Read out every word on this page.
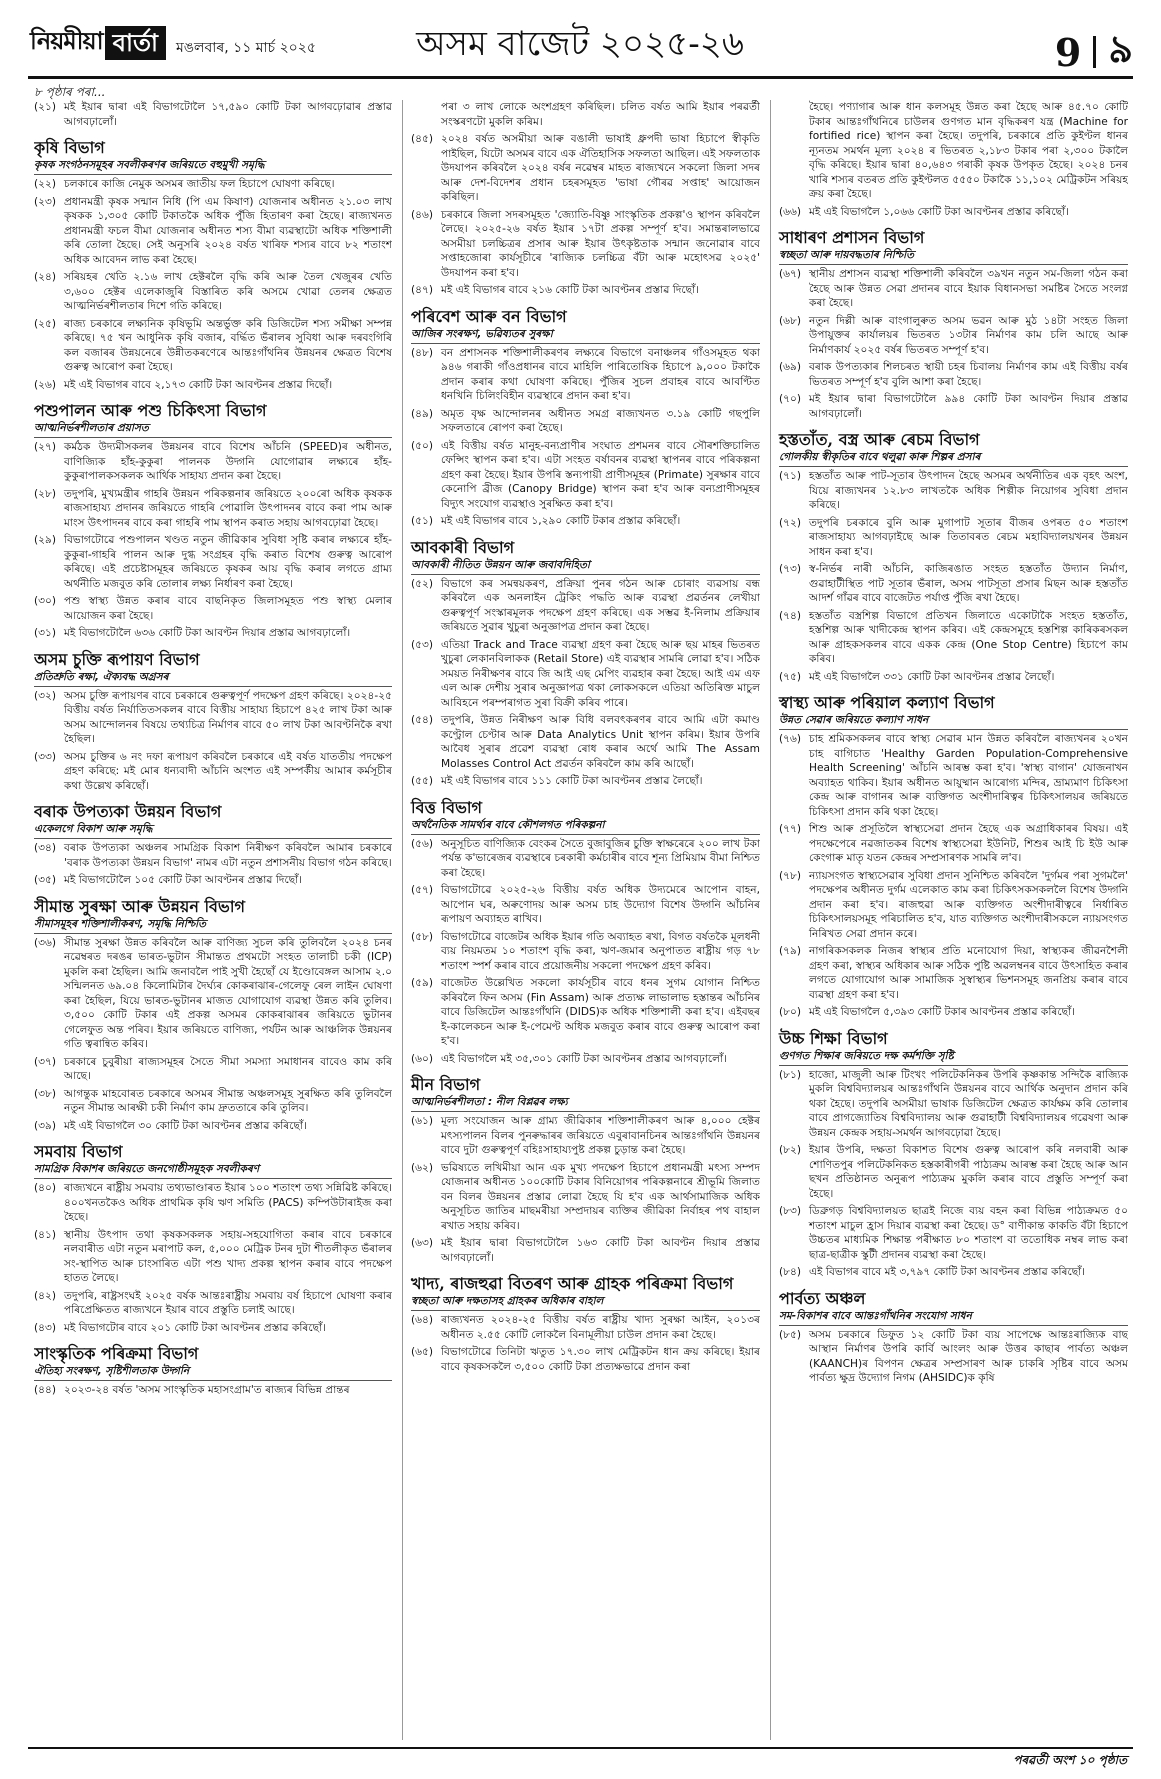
নিয়মীয়া বাৰ্তা	মঙলবাৰ, ১১ মাৰ্চ ২০২৫	অসম বাজেট ২০২৫-২৬	9 ৯
৮ পৃষ্ঠাৰ পৰা...
(২১) মই ইয়াৰ দ্বাৰা এই বিভাগটোলৈ ১৭,৫৯০ কোটি টকা আগবঢ়োৱাৰ প্ৰস্তাৱ আগবঢ়ালোঁ।
কৃষি বিভাগ
কৃষক সংগঠনসমূহৰ সবলীকৰণৰ জৰিয়তে বহুমুখী সমৃদ্ধি
(২২) চলকাৰে কাজি নেমুক অসমৰ জাতীয় ফল হিচাপে ঘোষণা কৰিছে।
(২৩) প্ৰধানমন্ত্ৰী কৃষক সন্মান নিধি (পি এম কিষাণ) যোজনাৰ অধীনত ২১.০৩ লাখ কৃষকক ১,৩০৫ কোটি টকাতকৈ অধিক পুঁজি হিতাৰণ কৰা হৈছে। ৰাজ্যখনত প্ৰধানমন্ত্ৰী ফচল বীমা যোজনাৰ অধীনত শস্য বীমা ব্যৱস্থাটো অধিক শক্তিশালী কৰি তোলা হৈছে। সেই অনুসৰি ২০২৪ বৰ্ষত খাৰিফ শস্যৰ বাবে ৮২ শতাংশ অধিক আবেদন লাভ কৰা হৈছে।
(২৪) সৰিয়হৰ খেতি ২.১৬ লাখ হেক্টৰলৈ বৃদ্ধি কৰি আৰু তৈল খেজুৰৰ খেতি ৩,৬০০ হেক্টৰ এলেকাজুৰি বিস্তাৰিত কৰি অসমে খোৱা তেলৰ ক্ষেত্ৰত আত্মনিৰ্ভৰশীলতাৰ দিশে গতি কৰিছে।
(২৫) ৰাজ্য চৰকাৰে লক্ষ্যনিক কৃষিভূমি অন্তৰ্ভুক্ত কৰি ডিজিটেল শস্য সমীক্ষা সম্পন্ন কৰিছে। ৭৫ খন আধুনিক কৃষি বজাৰ, বৰ্দ্ধিত ভঁৰালৰ সুবিধা আৰু দৰবংগিৰি কল বজাৰৰ উন্নয়নেৰে উন্নীতকৰণেৰে আন্তঃগাঁথনিৰ উন্নয়নৰ ক্ষেত্ৰত বিশেষ গুৰুত্ব আৰোপ কৰা হৈছে।
(২৬) মই এই বিভাগৰ বাবে ২,১৭৩ কোটি টকা আবণ্টনৰ প্ৰস্তাৱ দিছোঁ।
পশুপালন আৰু পশু চিকিৎসা বিভাগ
আত্মনিৰ্ভৰশীলতাৰ প্ৰয়াসত
(২৭) কৰ্মঠক উদ্যমীসকলৰ উন্নয়নৰ বাবে বিশেষ আঁচনি (SPEED)ৰ অধীনত, বাণিজ্যিক হাঁহ-কুকুৰা পালনক উদ্গনি যোগোৱাৰ লক্ষ্যৰে হাঁহ-কুকুৰাপালকসকলক আৰ্থিক সাহায্য প্ৰদান কৰা হৈছে।
(২৮) তদুপৰি, মুখ্যমন্ত্ৰীৰ গাহৰি উন্নয়ন পৰিকল্পনাৰ জৰিয়তে ২০০ৰো অধিক কৃষকক ৰাজসাহায্য প্ৰদানৰ জৰিয়তে গাহৰি পোৱালি উৎপাদনৰ বাবে কৰা পাম আৰু মাংস উৎপাদনৰ বাবে কৰা গাহৰি পাম স্থাপন কৰাত সহায় আগবঢ়োৱা হৈছে।
(২৯) বিভাগটোৱে পশুপালন খণ্ডত নতুন জীৱিকাৰ সুবিধা সৃষ্টি কৰাৰ লক্ষ্যৰে হাঁহ-কুকুৰা-গাহৰি পালন আৰু দুগ্ধ সংগ্ৰহৰ বৃদ্ধি কৰাত বিশেষ গুৰুত্ব আৰোপ কৰিছে। এই প্ৰচেষ্টাসমূহৰ জৰিয়তে কৃষকৰ আয় বৃদ্ধি কৰাৰ লগতে গ্ৰাম্য অৰ্থনীতি মজবুত কৰি তোলাৰ লক্ষ্য নিৰ্ধাৰণ কৰা হৈছে।
(৩০) পশু স্বাস্থ্য উন্নত কৰাৰ বাবে বাছনিকৃত জিলাসমূহত পশু স্বাস্থ্য মেলাৰ আয়োজন কৰা হৈছে।
(৩১) মই বিভাগটোলৈ ৬৩৬ কোটি টকা আবণ্টন দিয়াৰ প্ৰস্তাৱ আগবঢ়ালোঁ।
অসম চুক্তি ৰূপায়ণ বিভাগ
প্ৰতিশ্ৰুতি ৰক্ষা, ঐক্যবদ্ধ অগ্ৰসৰ
(৩২) অসম চুক্তি ৰূপায়ণৰ বাবে চৰকাৰে গুৰুত্বপূৰ্ণ পদক্ষেপ গ্ৰহণ কৰিছে। ২০২৪-২৫ বিত্তীয় বৰ্ষত নিৰ্যাতিতসকলৰ বাবে বিত্তীয় সাহায্য হিচাপে ৪২৫ লাখ টকা আৰু অসম আন্দোলনৰ বিষয়ে তথ্যচিত্ৰ নিৰ্মাণৰ বাবে ৫০ লাখ টকা আবণ্টনিকৈ ৰখা হৈছিল।
(৩৩) অসম চুক্তিৰ ৬ নং দফা ৰূপায়ণ কৰিবলৈ চৰকাৰে এই বৰ্ষত যাততীয় পদক্ষেপ গ্ৰহণ কৰিছে: মই মোৰ ধন্যবাদী আঁচনি অংশত এই সম্পৰ্কীয় আমাৰ কৰ্মসূচীৰ কথা উল্লেখ কৰিছোঁ।
বৰাক উপত্যকা উন্নয়ন বিভাগ
একেলগে বিকাশ আৰু সমৃদ্ধি
(৩৪) বৰাক উপত্যকা অঞ্চলৰ সামগ্ৰিক বিকাশ নিৰীক্ষণ কৰিবলৈ আমাৰ চৰকাৰে 'বৰাক উপত্যকা উন্নয়ন বিভাগ' নামৰ এটা নতুন প্ৰশাসনীয় বিভাগ গঠন কৰিছে।
(৩৫) মই বিভাগটোলৈ ১০৫ কোটি টকা আবণ্টনৰ প্ৰস্তাৱ দিছোঁ।
সীমান্ত সুৰক্ষা আৰু উন্নয়ন বিভাগ
সীমাসমূহৰ শক্তিশালীকৰণ, সমৃদ্ধি নিশ্চিতি
(৩৬) সীমান্ত সুৰক্ষা উন্নত কৰিবলৈ আৰু বাণিজ্য সুচল কৰি তুলিবলৈ ২০২৪ চনৰ নৱেম্বৰত দৰঙৰ ভাৰত-ভুটান সীমান্তত প্ৰথমটো সংহত তালাচী চকী (ICP) মুকলি কৰা হৈছিল। আমি জনাবলৈ পাই সুখী হৈছোঁ যে ইণ্ডোবেঙ্গল আসাম ২.০ সন্মিলনত ৬৯.০৪ কিলোমিটাৰ দৈৰ্ঘ্যৰ কোকৰাঝাৰ-গেলেফু ৰেল লাইন ঘোষণা কৰা হৈছিল, যিয়ে ভাৰত-ভুটানৰ মাজত যোগাযোগ ব্যৱস্থা উন্নত কৰি তুলিব। ৩,৫০০ কোটি টকাৰ এই প্ৰকল্প অসমৰ কোকৰাঝাৰৰ জৰিয়তে ভুটানৰ গেলেফুত অন্ত পৰিব। ইয়াৰ জৰিয়তে বাণিজ্য, পৰ্যটন আৰু আঞ্চলিক উন্নয়নৰ গতি ত্বৰান্বিত কৰিব।
(৩৭) চৰকাৰে চুবুৰীয়া ৰাজ্যসমূহৰ সৈতে সীমা সমস্যা সমাধানৰ বাবেও কাম কৰি আছে।
(৩৮) আগন্তুক মাহবোৰত চৰকাৰে অসমৰ সীমান্ত অঞ্চলসমূহ সুৰক্ষিত কৰি তুলিবলৈ নতুন সীমান্ত আৰক্ষী চকী নিৰ্মাণ কাম দ্ৰুততাৰে কৰি তুলিব।
(৩৯) মই এই বিভাগলৈ ৩০ কোটি টকা আবণ্টনৰ প্ৰস্তাৱ কৰিছোঁ।
সমবায় বিভাগ
সামগ্ৰিক বিকাশৰ জৰিয়তে জনগোষ্ঠীসমূহক সবলীকৰণ
(৪০) ৰাজ্যখনে ৰাষ্ট্ৰীয় সমবায় তথ্যভাণ্ডাৰত ইয়াৰ ১০০ শতাংশ তথ্য সন্নিৱিষ্ট কৰিছে। ৪০০খনতকৈও অধিক প্ৰাথমিক কৃষি ঋণ সমিতি (PACS) কম্পিউটাৰাইজ কৰা হৈছে।
(৪১) স্থানীয় উৎপাদ তথা কৃষকসকলক সহায়-সহযোগিতা কৰাৰ বাবে চৰকাৰে নলবাৰীত এটা নতুন মৰাপাট কল, ৫,০০০ মেট্ৰিক টনৰ দুটা শীতলীকৃত ভঁৰালৰ সং-স্থাপিত আৰু চাংসাৰিত এটা পশু খাদ্য প্ৰকল্প স্থাপন কৰাৰ বাবে পদক্ষেপ হাতত লৈছে।
(৪২) তদুপৰি, ৰাষ্ট্ৰসংঘই ২০২৫ বৰ্ষক আন্তঃৰাষ্ট্ৰীয় সমবায় বৰ্ষ হিচাপে ঘোষণা কৰাৰ পৰিপ্ৰেক্ষিতত ৰাজ্যখনে ইয়াৰ বাবে প্ৰস্তুতি চলাই আছে।
(৪৩) মই বিভাগটোৰ বাবে ২০১ কোটি টকা আবণ্টনৰ প্ৰস্তাৱ কৰিছোঁ।
সাংস্কৃতিক পৰিক্ৰমা বিভাগ
ঐতিহ্য সংৰক্ষণ, সৃষ্টিশীলতাক উদ্গনি
(৪৪) ২০২৩-২৪ বৰ্ষত 'অসম সাংস্কৃতিক মহাসংগ্ৰাম'ত ৰাজ্যৰ বিভিন্ন প্ৰান্তৰ
পৰা ৩ লাখ লোকে অংশগ্ৰহণ কৰিছিল। চলিত বৰ্ষত আমি ইয়াৰ পৰৱৰ্তী সংস্কৰণটো মুকলি কৰিম।
(৪৫) ২০২৪ বৰ্ষত অসমীয়া আৰু বঙালী ভাষাই ধ্ৰুপদী ভাষা হিচাপে স্বীকৃতি পাইছিল, যিটো অসমৰ বাবে এক ঐতিহাসিক সফলতা আছিল। এই সফলতাক উদযাপন কৰিবলৈ ২০২৪ বৰ্ষৰ নৱেম্বৰ মাহত ৰাজ্যখনে সকলো জিলা সদৰ আৰু দেশ-বিদেশৰ প্ৰধান চহৰসমূহত 'ভাষা গৌৰৱ সপ্তাহ' আয়োজন কৰিছিল।
(৪৬) চৰকাৰে জিলা সদৰসমূহত 'জ্যোতি-বিষ্ণু সাংস্কৃতিক প্ৰকল্প'ও স্থাপন কৰিবলৈ লৈছে। ২০২৫-২৬ বৰ্ষত ইয়াৰ ১৭টা প্ৰকল্প সম্পূৰ্ণ হ'ব। সমান্তৰালভাৱে অসমীয়া চলচ্চিত্ৰৰ প্ৰসাৰ আৰু ইয়াৰ উৎকৃষ্টতাক সন্মান জনোৱাৰ বাবে সপ্তাহজোৰা কাৰ্যসূচীৰে 'ৰাজ্যিক চলচ্চিত্ৰ বঁটা আৰু মহোৎসৱ ২০২৫' উদযাপন কৰা হ'ব।
(৪৭) মই এই বিভাগৰ বাবে ২১৬ কোটি টকা আবণ্টনৰ প্ৰস্তাৱ দিছোঁ।
পৰিবেশ আৰু বন বিভাগ
আজিৰ সংৰক্ষণ, ভৱিষ্যতৰ সুৰক্ষা
(৪৮) বন প্ৰশাসনক শক্তিশালীকৰণৰ লক্ষ্যৰে বিভাগে বনাঞ্চলৰ গাঁওসমূহত থকা ৯৪৬ গৰাকী গাঁওপ্ৰধানৰ বাবে মাহিলি পাৰিতোষিক হিচাপে ৯,০০০ টকাকৈ প্ৰদান কৰাৰ কথা ঘোষণা কৰিছে। পুঁজিৰ সুচল প্ৰবাহৰ বাবে আবণ্টিত ধনখিনি চিলিংবিহীন ব্যৱস্থাৰে প্ৰদান কৰা হ'ব।
(৪৯) অমৃত বৃক্ষ আন্দোলনৰ অধীনত সমগ্ৰ ৰাজ্যখনত ৩.১৯ কোটি গছপুলি সফলতাৰে ৰোপণ কৰা হৈছে।
(৫০) এই বিত্তীয় বৰ্ষত মানুহ-বন্যপ্ৰাণীৰ সংঘাত প্ৰশমনৰ বাবে সৌৰশক্তিচালিত ফেন্সিং স্থাপন কৰা হ'ব। এটা সংহত বৰ্ষাবনৰ ব্যৱস্থা স্থাপনৰ বাবে পৰিকল্পনা গ্ৰহণ কৰা হৈছে। ইয়াৰ উপৰি স্তন্যপায়ী প্ৰাণীসমূহৰ (Primate) সুৰক্ষাৰ বাবে কেনোপি ব্ৰীজ (Canopy Bridge) স্থাপন কৰা হ'ব আৰু বন্যপ্ৰাণীসমূহৰ বিদ্যুৎ সংযোগ ব্যৱস্থাও সুৰক্ষিত কৰা হ'ব।
(৫১) মই এই বিভাগৰ বাবে ১,২৯০ কোটি টকাৰ প্ৰস্তাৱ কৰিছোঁ।
আবকাৰী বিভাগ
আবকাৰী নীতিত উন্নয়ন আৰু জবাবদিহিতা
(৫২) বিভাগে কৰ সমন্বয়কৰণ, প্ৰক্ৰিয়া পুনৰ গঠন আৰু চোৰাং ব্যৱসায় বন্ধ কৰিবলৈ এক অনলাইন ট্ৰেকিং পদ্ধতি আৰু ব্যৱস্থা প্ৰৱৰ্তনৰ লেখীয়া গুৰুত্বপূৰ্ণ সংস্কাৰমূলক পদক্ষেপ গ্ৰহণ কৰিছে। এক সম্ভৱ ই-নিলাম প্ৰক্ৰিয়াৰ জৰিয়তে সুৱাৰ খুচুৰা অনুজ্ঞাপত্ৰ প্ৰদান কৰা হৈছে।
(৫৩) এতিয়া Track and Trace ব্যৱস্থা গ্ৰহণ কৰা হৈছে আৰু ছয় মাহৰ ভিতৰত খুচুৰা লেকানবিলাকক (Retail Store) এই ব্যৱস্থাৰ সামৰি লোৱা হ'ব। সঠিক সময়ত নিৰীক্ষণৰ বাবে জি আই এছ মেপিং ব্যৱহাৰ কৰা হৈছে। আই এম এফ এল আৰু দেশীয় সুৰাৰ অনুজ্ঞাপত্ৰ থকা লোকসকলে এতিয়া অতিৰিক্ত মাচুল আবিহনে পৰম্পৰাগত সুৰা বিক্ৰী কৰিব পাৰে।
(৫৪) তদুপৰি, উন্নত নিৰীক্ষণ আৰু বিধি বলবৎকৰণৰ বাবে আমি এটা কমাণ্ড কণ্ট্ৰোল চেণ্টাৰ আৰু Data Analytics Unit স্থাপন কৰিম। ইয়াৰ উপৰি আবৈধ সুৰাৰ প্ৰৱেশ ব্যৱস্থা ৰোধ কৰাৰ অৰ্থে আমি The Assam Molasses Control Act প্ৰৱৰ্তন কৰিবলৈ কাম কৰি আছোঁ।
(৫৫) মই এই বিভাগৰ বাবে ১১১ কোটি টকা আবণ্টনৰ প্ৰস্তাৱ লৈছোঁ।
বিত্ত বিভাগ
অৰ্থনৈতিক সামৰ্থ্যৰ বাবে কৌশলগত পৰিকল্পনা
(৫৬) অনুসূচিত বাণিজ্যিক বেংকৰ সৈতে বুজাবুজিৰ চুক্তি স্বাক্ষৰেৰে ২০০ লাখ টকা পৰ্যন্ত ক'ভাৰেজৰ ব্যৱস্থাৰে চৰকাৰী কৰ্মচাৰীৰ বাবে শূন্য প্ৰিমিয়াম বীমা নিশ্চিত কৰা হৈছে।
(৫৭) বিভাগটোৱে ২০২৫-২৬ বিত্তীয় বৰ্ষত অধিক উদ্যমেৰে আপোন বাহন, আপোন ঘৰ, অৰুণোদয় আৰু অসম চাহ উদ্যোগ বিশেষ উদ্গনি আঁচনিৰ ৰূপায়ণ অব্যাহত ৰাখিব।
(৫৮) বিভাগটোৱে বাজেটৰ অধিক ইয়াৰ গতি অব্যাহত ৰখা, বিগত বৰ্ষতকৈ মূলধনী ব্যয় নিয়মতম ১০ শতাংশ বৃদ্ধি কৰা, ঋণ-জমাৰ অনুপাতত ৰাষ্ট্ৰীয় গড় ৭৮ শতাংশ স্পৰ্শ কৰাৰ বাবে প্ৰয়োজনীয় সকলো পদক্ষেপ গ্ৰহণ কৰিব।
(৫৯) বাজেটত উল্লেখিত সকলো কাৰ্যসূচীৰ বাবে ধনৰ সুগম যোগান নিশ্চিত কৰিবলৈ ফিন অসম (Fin Assam) আৰু প্ৰত্যক্ষ লাভালাভ হস্তান্তৰ আঁচনিৰ বাবে ডিজিটেল আন্তঃগাঁথনি (DIDS)ক অধিক শক্তিশালী কৰা হ'ব। এইবছৰ ই-কালেকচন আৰু ই-পেমেণ্ট অধিক মজবুত কৰাৰ বাবে গুৰুত্ব আৰোপ কৰা হ'ব।
(৬০) এই বিভাগলৈ মই ৩৫,৩০১ কোটি টকা আবণ্টনৰ প্ৰস্তাৱ আগবঢ়ালোঁ।
মীন বিভাগ
আত্মনিৰ্ভৰশীলতা : নীল বিপ্লৱৰ লক্ষ্য
(৬১) মূল্য সংযোজন আৰু গ্ৰাম্য জীৱিকাৰ শক্তিশালীকৰণ আৰু ৪,০০০ হেক্টৰ মৎস্যপালন বিলৰ পুনৰুদ্ধাৰৰ জৰিয়তে এবুৰাবানচিনৰ আন্তঃগাঁথনি উন্নয়নৰ বাবে দুটা গুৰুত্বপূৰ্ণ বহিঃসাহায্যপুষ্ট প্ৰকল্প চুড়ান্ত কৰা হৈছে।
(৬২) ভৱিষ্যতে লখিমীয়া আন এক মুখ্য পদক্ষেপ হিচাপে প্ৰধানমন্ত্ৰী মৎস্য সম্পদ যোজনাৰ অধীনত ১০০কোটি টকাৰ বিনিয়োগৰ পৰিকল্পনাৰে শ্ৰীভূমি জিলাত বন বিলৰ উন্নয়নৰ প্ৰস্তাৱ লোৱা হৈছে যি হ'ব এক আৰ্থসামাজিক অধিক অনুসূচিত জাতিৰ মাছমৰীয়া সম্প্ৰদায়ৰ ব্যক্তিৰ জীৱিকা নিৰ্বাহৰ পথ বাহাল ৰখাত সহায় কৰিব।
(৬৩) মই ইয়াৰ দ্বাৰা বিভাগটোলৈ ১৬৩ কোটি টকা আবণ্টন দিয়াৰ প্ৰস্তাৱ আগবঢ়ালোঁ।
খাদ্য, ৰাজহুৱা বিতৰণ আৰু গ্ৰাহক পৰিক্ৰমা বিভাগ
স্বচ্ছতা আৰু দক্ষতাসহ গ্ৰাহকৰ অধিকাৰ বাহাল
(৬৪) ৰাজ্যখনত ২০২৪-২৫ বিত্তীয় বৰ্ষত ৰাষ্ট্ৰীয় খাদ্য সুৰক্ষা আইন, ২০১৩ৰ অধীনত ২.৫৫ কোটি লোকলৈ বিনামূলীয়া চাউল প্ৰদান কৰা হৈছে।
(৬৫) বিভাগটোৱে তিনিটা ঋতুত ১৭.৩০ লাখ মেট্ৰিকটন ধান ক্ৰয় কৰিছে। ইয়াৰ বাবে কৃষকসকলৈ ৩,৫০০ কোটি টকা প্ৰত্যক্ষভাৱে প্ৰদান কৰা
হৈছে। পণ্যাগাৰ আৰু ধান কলসমূহ উন্নত কৰা হৈছে আৰু ৪৫.৭০ কোটি টকাৰ আন্তঃগাঁথনিৰে চাউলৰ গুণগত মান বৃদ্ধিকৰণ যন্ত্ৰ (Machine for fortified rice) স্থাপন কৰা হৈছে। তদুপৰি, চৰকাৰে প্ৰতি কুইণ্টল ধানৰ ন্যূনতম সমৰ্থন মূল্য ২০২৪ ৰ ভিতৰত ২,১৮৩ টকাৰ পৰা ২,৩০০ টকালৈ বৃদ্ধি কৰিছে। ইয়াৰ দ্বাৰা ৪০,৬৪৩ গৰাকী কৃষক উপকৃত হৈছে। ২০২৪ চনৰ খাৰি শস্যৰ বতৰত প্ৰতি কুইণ্টলত ৫৫৫০ টকাকৈ ১১,১০২ মেট্ৰিকটন সৰিয়হ ক্ৰয় কৰা হৈছে।
(৬৬) মই এই বিভাগলৈ ১,০৬৬ কোটি টকা আবণ্টনৰ প্ৰস্তাৱ কৰিছোঁ।
সাধাৰণ প্ৰশাসন বিভাগ
স্বচ্ছতা আৰু দায়বদ্ধতাৰ নিশ্চিতি
(৬৭) স্থানীয় প্ৰশাসন ব্যৱস্থা শক্তিশালী কৰিবলৈ ৩৯খন নতুন সম-জিলা গঠন কৰা হৈছে আৰু উন্নত সেৱা প্ৰদানৰ বাবে ইয়াক বিধানসভা সমষ্টিৰ সৈতে সংলগ্ন কৰা হৈছে।
(৬৮) নতুন দিল্লী আৰু বাংগালুৰুত অসম ভৱন আৰু মুঠ ১৪টা সংহত জিলা উপায়ুক্তৰ কাৰ্যালয়ৰ ভিতৰত ১৩টাৰ নিৰ্মাণৰ কাম চলি আছে আৰু নিৰ্মাণকাৰ্য ২০২৫ বৰ্ষৰ ভিতৰত সম্পূৰ্ণ হ'ব।
(৬৯) বৰাক উপত্যকাৰ শিলচৰত স্থায়ী চহৰ চিবালয় নিৰ্মাণৰ কাম এই বিত্তীয় বৰ্ষৰ ভিতৰত সম্পূৰ্ণ হ'ব বুলি আশা কৰা হৈছে।
(৭০) মই ইয়াৰ দ্বাৰা বিভাগটোলৈ ৯৯৪ কোটি টকা আবণ্টন দিয়াৰ প্ৰস্তাৱ আগবঢ়ালোঁ।
হস্ততাঁত, বস্ত্ৰ আৰু ৰেচম বিভাগ
গোলকীয় স্বীকৃতিৰ বাবে থলুৱা কাৰু শিল্পৰ প্ৰসাৰ
(৭১) হস্ততাঁত আৰু পাট-সূতাৰ উৎপাদন হৈছে অসমৰ অৰ্থনীতিৰ এক বৃহৎ অংশ, যিয়ে ৰাজ্যখনৰ ১২.৮৩ লাখতকৈ অধিক শিল্পীক নিয়োগৰ সুবিধা প্ৰদান কৰিছে।
(৭২) তদুপৰি চৰকাৰে বুনি আৰু মুগাপাট সূতাৰ বীজৰ ওপৰত ৫০ শতাংশ ৰাজসাহায্য আগবঢ়াইছে আৰু তিতাবৰত ৰেচম মহাবিদ্যালয়খনৰ উন্নয়ন সাধন কৰা হ'ব।
(৭৩) স্ব-নিৰ্ভৰ নাৰী আঁচনি, কাজিৰঙাত সংহত হস্ততাঁত উদ্যান নিৰ্মাণ, গুৱাহাটীস্থিত পাট সূতাৰ ভঁৰাল, অসম পাটসূতা প্ৰসাৰ মিছন আৰু হস্ততাঁত আদৰ্শ গাঁৱৰ বাবে বাজেটত পৰ্যাপ্ত পুঁজি ৰখা হৈছে।
(৭৪) হস্ততাঁত বস্ত্ৰশিল্প বিভাগে প্ৰতিখন জিলাতে একোটাকৈ সংহত হস্ততাঁত, হস্তশিল্প আৰু খাদীকেন্দ্ৰ স্থাপন কৰিব। এই কেন্দ্ৰসমূহে হস্তশিল্প কাৰিকৰসকল আৰু গ্ৰাহকসকলৰ বাবে একক কেন্দ্ৰ (One Stop Centre) হিচাপে কাম কৰিব।
(৭৫) মই এই বিভাগলৈ ৩৩১ কোটি টকা আবণ্টনৰ প্ৰস্তাৱ লৈছোঁ।
স্বাস্থ্য আৰু পৰিয়াল কল্যাণ বিভাগ
উন্নত সেৱাৰ জৰিয়তে কল্যাণ সাধন
(৭৬) চাহ শ্ৰমিকসকলৰ বাবে স্বাস্থ্য সেৱাৰ মান উন্নত কৰিবলৈ ৰাজ্যখনৰ ২০খন চাহ বাগিচাত 'Healthy Garden Population-Comprehensive Health Screening' আঁচনি আৰম্ভ কৰা হ'ব। 'স্বাস্থ্য বাগান' যোজনাখন অব্যাহত থাকিব। ইয়াৰ অধীনত আয়ুষ্মান আৰোগ্য মন্দিৰ, ভ্ৰাম্যমাণ চিকিৎসা কেন্দ্ৰ আৰু বাগানৰ আৰু ব্যক্তিগত অংশীদাৰিত্বৰ চিকিৎসালয়ৰ জৰিয়তে চিকিৎসা প্ৰদান কৰি থকা হৈছে।
(৭৭) শিশু আৰু প্ৰসূতিলৈ স্বাস্থ্যসেৱা প্ৰদান হৈছে এক অগ্ৰাধিকাৰৰ বিষয়। এই পদক্ষেপেৰে নৱজাতকৰ বিশেষ স্বাস্থ্যসেৱা ইউনিট, শিশুৰ আই চি ইউ আৰু কেংগাৰু মাতৃ যতন কেন্দ্ৰৰ সম্প্ৰসাৰণক সামৰি ল'ব।
(৭৮) ন্যায়সংগত স্বাস্থ্যসেৱাৰ সুবিধা প্ৰদান সুনিশ্চিত কৰিবলৈ 'দুৰ্গমৰ পৰা সুগমলৈ' পদক্ষেপৰ অধীনত দুৰ্গম এলেকাত কাম কৰা চিকিৎসকসকললৈ বিশেষ উদ্গনি প্ৰদান কৰা হ'ব। ৰাজহুৱা আৰু ব্যক্তিগত অংশীদাৰীত্বৰে নিৰ্ধাৰিত চিকিৎসালয়সমূহ পৰিচালিত হ'ব, যাত ব্যক্তিগত অংশীদাৰীসকলে ন্যায়সংগত নিৰিখত সেৱা প্ৰদান কৰে।
(৭৯) নাগৰিকসকলক নিজৰ স্বাস্থ্যৰ প্ৰতি মনোযোগ দিয়া, স্বাস্থ্যকৰ জীৱনশৈলী গ্ৰহণ কৰা, স্বাস্থ্যৰ অধিকাৰ আৰু সঠিক পুষ্টি অৱলম্বনৰ বাবে উৎসাহিত কৰাৰ লগতে যোগাযোগ আৰু সামাজিক সুস্বাস্থ্যৰ ভিশনসমূহ জনপ্ৰিয় কৰাৰ বাবে ব্যৱস্থা গ্ৰহণ কৰা হ'ব।
(৮০) মই এই বিভাগলৈ ৫,৩৯৩ কোটি টকাৰ আবণ্টনৰ প্ৰস্তাৱ কৰিছোঁ।
উচ্চ শিক্ষা বিভাগ
গুণগত শিক্ষাৰ জৰিয়তে দক্ষ কৰ্মশক্তি সৃষ্টি
(৮১) হাজো, মাজুলী আৰু টিংখং পলিটেকনিকৰ উপৰি কৃষ্ণকান্ত সন্দিকৈ ৰাজ্যিক মুকলি বিশ্ববিদ্যালয়ৰ আন্তঃগাঁথনি উন্নয়নৰ বাবে আৰ্থিক অনুদান প্ৰদান কৰি থকা হৈছে। তদুপৰি অসমীয়া ভাষাক ডিজিটেল ক্ষেত্ৰত কাৰ্যক্ষম কৰি তোলাৰ বাবে প্ৰাগজ্যোতিষ বিশ্ববিদ্যালয় আৰু গুৱাহাটী বিশ্ববিদ্যালয়ৰ গৱেষণা আৰু উন্নয়ন কেন্দ্ৰক সহায়-সমৰ্থন আগবঢ়োৱা হৈছে।
(৮২) ইয়াৰ উপৰি, দক্ষতা বিকাশত বিশেষ গুৰুত্ব আৰোপ কৰি নলবাৰী আৰু শোণিতপুৰ পলিটেকনিকত হস্তকাৰীগৰী পাঠ্যক্ৰম আৰম্ভ কৰা হৈছে আৰু আন ছখন প্ৰতিষ্ঠানত অনুৰূপ পাঠ্যক্ৰম মুকলি কৰাৰ বাবে প্ৰস্তুতি সম্পূৰ্ণ কৰা হৈছে।
(৮৩) ডিব্ৰুগড় বিশ্ববিদ্যালয়ত ছাত্ৰই নিজে ব্যয় বহন কৰা বিভিন্ন পাঠ্যক্ৰমত ৫০ শতাংশ মাচুল হ্ৰাস দিয়াৰ ব্যৱস্থা কৰা হৈছে। ড° বাণীকান্ত কাকতি বঁটা হিচাপে উচ্চতৰ মাধ্যমিক শিক্ষান্ত পৰীক্ষাত ৮০ শতাংশ বা ততোধিক নম্বৰ লাভ কৰা ছাত্ৰ-ছাত্ৰীক স্কুটী প্ৰদানৰ ব্যৱস্থা কৰা হৈছে।
(৮৪) এই বিভাগৰ বাবে মই ৩,৭৯৭ কোটি টকা আবণ্টনৰ প্ৰস্তাৱ কৰিছোঁ।
পাৰ্বত্য অঞ্চল
সম-বিকাশৰ বাবে আন্তঃগাঁথনিৰ সংযোগ সাধন
(৮৫) অসম চৰকাৰে ডিফুত ১২ কোটি টকা ব্যয় সাপেক্ষে আন্তঃৰাজ্যিক বাছ আস্থান নিৰ্মাণৰ উপৰি কাৰ্বি আংলং আৰু উত্তৰ কাছাৰ পাৰ্বত্য অঞ্চল (KAANCH)ৰ বিপণন ক্ষেত্ৰৰ সম্প্ৰসাৰণ আৰু চাকৰি সৃষ্টিৰ বাবে অসম পাৰ্বত্য ক্ষুদ্ৰ উদ্যোগ নিগম (AHSIDC)ক কৃষি
পৰৱৰ্তী অংশ ১০ পৃষ্ঠাত
